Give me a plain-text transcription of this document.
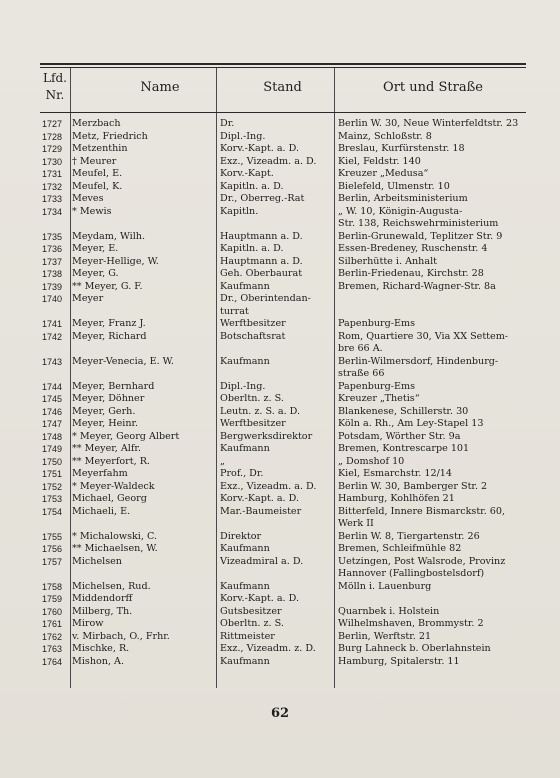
Lfd.
Nr.	Name	Stand	Ort und Straße
1727	Merzbach	Dr.	Berlin W. 30, Neue Winterfeldtstr. 23
1728	Metz, Friedrich	Dipl.-Ing.	Mainz, Schloßstr. 8
1729	Metzenthin	Korv.-Kapt. a. D.	Breslau, Kurfürstenstr. 18
1730	† Meurer	Exz., Vizeadm. a. D.	Kiel, Feldstr. 140
1731	Meufel, E.	Korv.-Kapt.	Kreuzer „Medusa“
1732	Meufel, K.	Kapitln. a. D.	Bielefeld, Ulmenstr. 10
1733	Meves	Dr., Oberreg.-Rat	Berlin, Arbeitsministerium
1734	* Mewis	Kapitln.	„ W. 10, Königin-Augusta-
Str. 138, Reichswehrministerium
1735	Meydam, Wilh.	Hauptmann a. D.	Berlin-Grunewald, Teplitzer Str. 9
1736	Meyer, E.	Kapitln. a. D.	Essen-Bredeney, Ruschenstr. 4
1737	Meyer-Hellige, W.	Hauptmann a. D.	Silberhütte i. Anhalt
1738	Meyer, G.	Geh. Oberbaurat	Berlin-Friedenau, Kirchstr. 28
1739	** Meyer, G. F.	Kaufmann	Bremen, Richard-Wagner-Str. 8a
1740	Meyer	Dr., Oberintendan-
turrat
1741	Meyer, Franz J.	Werftbesitzer	Papenburg-Ems
1742	Meyer, Richard	Botschaftsrat	Rom, Quartiere 30, Via XX Settem-
bre 66 A.
1743	Meyer-Venecia, E. W.	Kaufmann	Berlin-Wilmersdorf, Hindenburg-
straße 66
1744	Meyer, Bernhard	Dipl.-Ing.	Papenburg-Ems
1745	Meyer, Döhner	Oberltn. z. S.	Kreuzer „Thetis“
1746	Meyer, Gerh.	Leutn. z. S. a. D.	Blankenese, Schillerstr. 30
1747	Meyer, Heinr.	Werftbesitzer	Köln a. Rh., Am Ley-Stapel 13
1748	* Meyer, Georg Albert	Bergwerksdirektor	Potsdam, Wörther Str. 9a
1749	** Meyer, Alfr.	Kaufmann	Bremen, Kontrescarpe 101
1750	** Meyerfort, R.	„	„ Domshof 10
1751	Meyerfahm	Prof., Dr.	Kiel, Esmarchstr. 12/14
1752	* Meyer-Waldeck	Exz., Vizeadm. a. D.	Berlin W. 30, Bamberger Str. 2
1753	Michael, Georg	Korv.-Kapt. a. D.	Hamburg, Kohlhöfen 21
1754	Michaeli, E.	Mar.-Baumeister	Bitterfeld, Innere Bismarckstr. 60,
Werk II
1755	* Michalowski, C.	Direktor	Berlin W. 8, Tiergartenstr. 26
1756	** Michaelsen, W.	Kaufmann	Bremen, Schleifmühle 82
1757	Michelsen	Vizeadmiral a. D.	Uetzingen, Post Walsrode, Provinz
Hannover (Fallingbostelsdorf)
1758	Michelsen, Rud.	Kaufmann	Mölln i. Lauenburg
1759	Middendorff	Korv.-Kapt. a. D.
1760	Milberg, Th.	Gutsbesitzer	Quarnbek i. Holstein
1761	Mirow	Oberltn. z. S.	Wilhelmshaven, Brommystr. 2
1762	v. Mirbach, O., Frhr.	Rittmeister	Berlin, Werftstr. 21
1763	Mischke, R.	Exz., Vizeadm. z. D.	Burg Lahneck b. Oberlahnstein
1764	Mishon, A.	Kaufmann	Hamburg, Spitalerstr. 11
62
